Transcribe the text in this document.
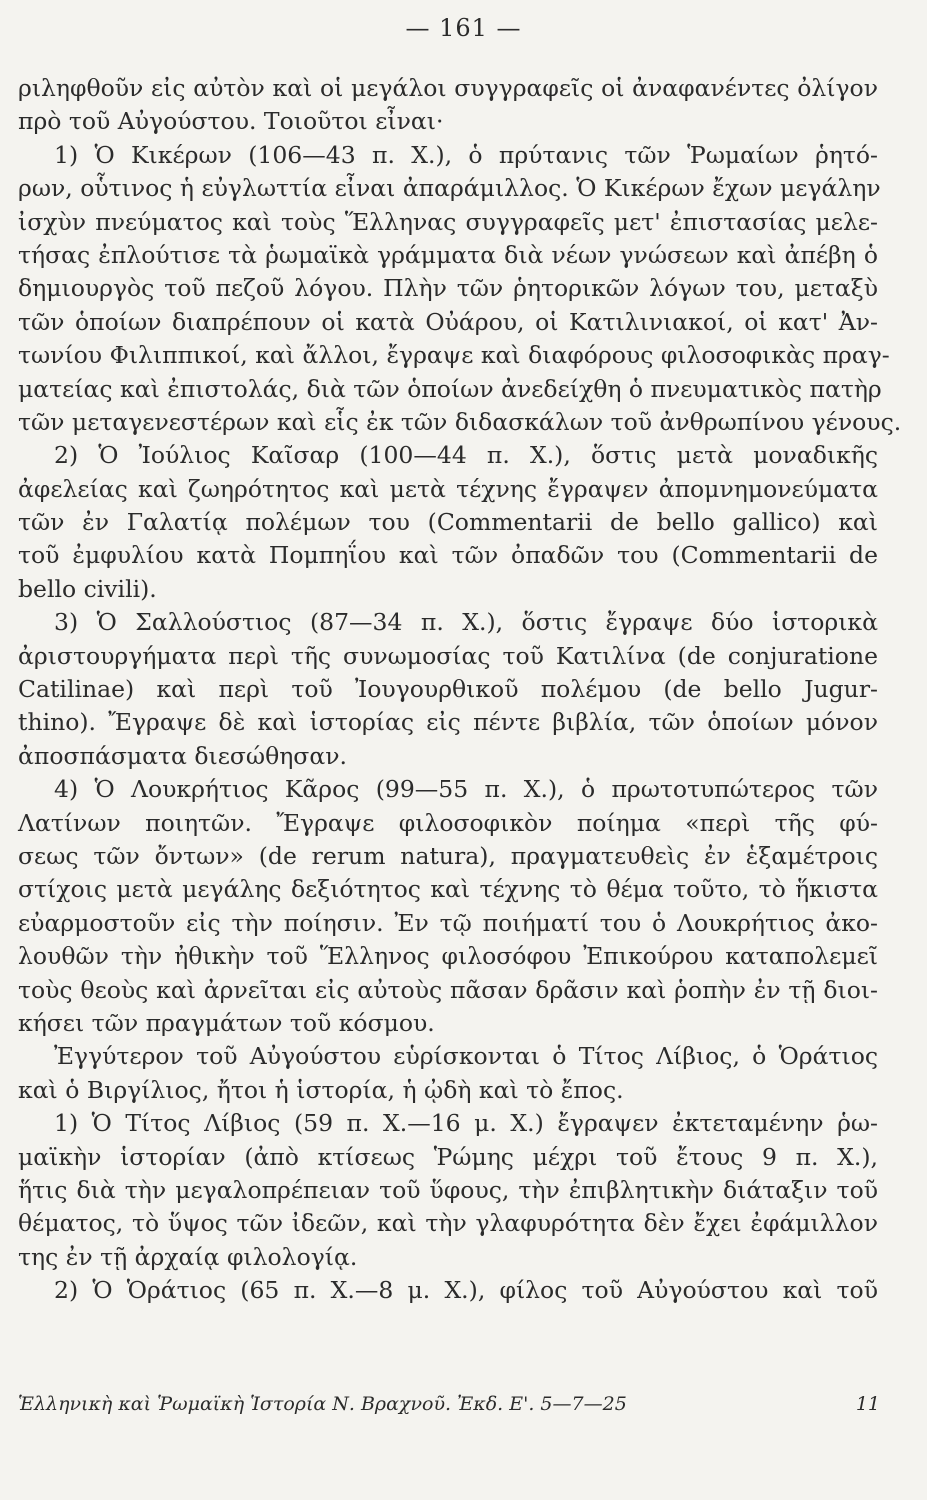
— 161 —
ριληφθοῦν εἰς αὐτὸν καὶ οἱ μεγάλοι συγγραφεῖς οἱ ἀναφανέντες ὀλίγον
πρὸ τοῦ Αὐγούστου. Τοιοῦτοι εἶναι·
1) Ὁ Κικέρων (106—43 π. Χ.), ὁ πρύτανις τῶν Ῥωμαίων ῥητό-
ρων, οὗτινος ἡ εὐγλωττία εἶναι ἀπαράμιλλος. Ὁ Κικέρων ἔχων μεγάλην
ἰσχὺν πνεύματος καὶ τοὺς Ἕλληνας συγγραφεῖς μετ' ἐπιστασίας μελε-
τήσας ἐπλούτισε τὰ ῥωμαϊκὰ γράμματα διὰ νέων γνώσεων καὶ ἀπέβη ὁ
δημιουργὸς τοῦ πεζοῦ λόγου. Πλὴν τῶν ῥητορικῶν λόγων του, μεταξὺ
τῶν ὁποίων διαπρέπουν οἱ κατὰ Οὐάρου, οἱ Κατιλινιακοί, οἱ κατ' Ἀν-
τωνίου Φιλιππικοί, καὶ ἄλλοι, ἔγραψε καὶ διαφόρους φιλοσοφικὰς πραγ-
ματείας καὶ ἐπιστολάς, διὰ τῶν ὁποίων ἀνεδείχθη ὁ πνευματικὸς πατὴρ
τῶν μεταγενεστέρων καὶ εἷς ἐκ τῶν διδασκάλων τοῦ ἀνθρωπίνου γένους.
2) Ὁ Ἰούλιος Καῖσαρ (100—44 π. Χ.), ὅστις μετὰ μοναδικῆς
ἀφελείας καὶ ζωηρότητος καὶ μετὰ τέχνης ἔγραψεν ἀπομνημονεύματα
τῶν ἐν Γαλατίᾳ πολέμων του (Commentarii de bello gallico) καὶ
τοῦ ἐμφυλίου κατὰ Πομπηΐου καὶ τῶν ὀπαδῶν του (Commentarii de
bello civili).
3) Ὁ Σαλλούστιος (87—34 π. Χ.), ὅστις ἔγραψε δύο ἱστορικὰ
ἀριστουργήματα περὶ τῆς συνωμοσίας τοῦ Κατιλίνα (de conjuratione
Catilinae) καὶ περὶ τοῦ Ἰουγουρθικοῦ πολέμου (de bello Jugur-
thino). Ἔγραψε δὲ καὶ ἱστορίας εἰς πέντε βιβλία, τῶν ὁποίων μόνον
ἀποσπάσματα διεσώθησαν.
4) Ὁ Λουκρήτιος Κᾶρος (99—55 π. Χ.), ὁ πρωτοτυπώτερος τῶν
Λατίνων ποιητῶν. Ἔγραψε φιλοσοφικὸν ποίημα «περὶ τῆς φύ-
σεως τῶν ὄντων» (de rerum natura), πραγματευθεὶς ἐν ἑξαμέτροις
στίχοις μετὰ μεγάλης δεξιότητος καὶ τέχνης τὸ θέμα τοῦτο, τὸ ἥκιστα
εὐαρμοστοῦν εἰς τὴν ποίησιν. Ἐν τῷ ποιήματί του ὁ Λουκρήτιος ἀκο-
λουθῶν τὴν ἠθικὴν τοῦ Ἕλληνος φιλοσόφου Ἐπικούρου καταπολεμεῖ
τοὺς θεοὺς καὶ ἀρνεῖται εἰς αὐτοὺς πᾶσαν δρᾶσιν καὶ ῥοπὴν ἐν τῇ διοι-
κήσει τῶν πραγμάτων τοῦ κόσμου.
Ἐγγύτερον τοῦ Αὐγούστου εὑρίσκονται ὁ Τίτος Λίβιος, ὁ Ὁράτιος
καὶ ὁ Βιργίλιος, ἤτοι ἡ ἱστορία, ἡ ᾠδὴ καὶ τὸ ἔπος.
1) Ὁ Τίτος Λίβιος (59 π. Χ.—16 μ. Χ.) ἔγραψεν ἐκτεταμένην ῥω-
μαϊκὴν ἱστορίαν (ἀπὸ κτίσεως Ῥώμης μέχρι τοῦ ἔτους 9 π. Χ.),
ἥτις διὰ τὴν μεγαλοπρέπειαν τοῦ ὕφους, τὴν ἐπιβλητικὴν διάταξιν τοῦ
θέματος, τὸ ὕψος τῶν ἰδεῶν, καὶ τὴν γλαφυρότητα δὲν ἔχει ἐφάμιλλον
της ἐν τῇ ἀρχαίᾳ φιλολογίᾳ.
2) Ὁ Ὁράτιος (65 π. Χ.—8 μ. Χ.), φίλος τοῦ Αὐγούστου καὶ τοῦ
Ἑλληνικὴ καὶ Ῥωμαϊκὴ Ἱστορία Ν. Βραχνοῦ. Ἐκδ. Ε'. 5—7—25	11
